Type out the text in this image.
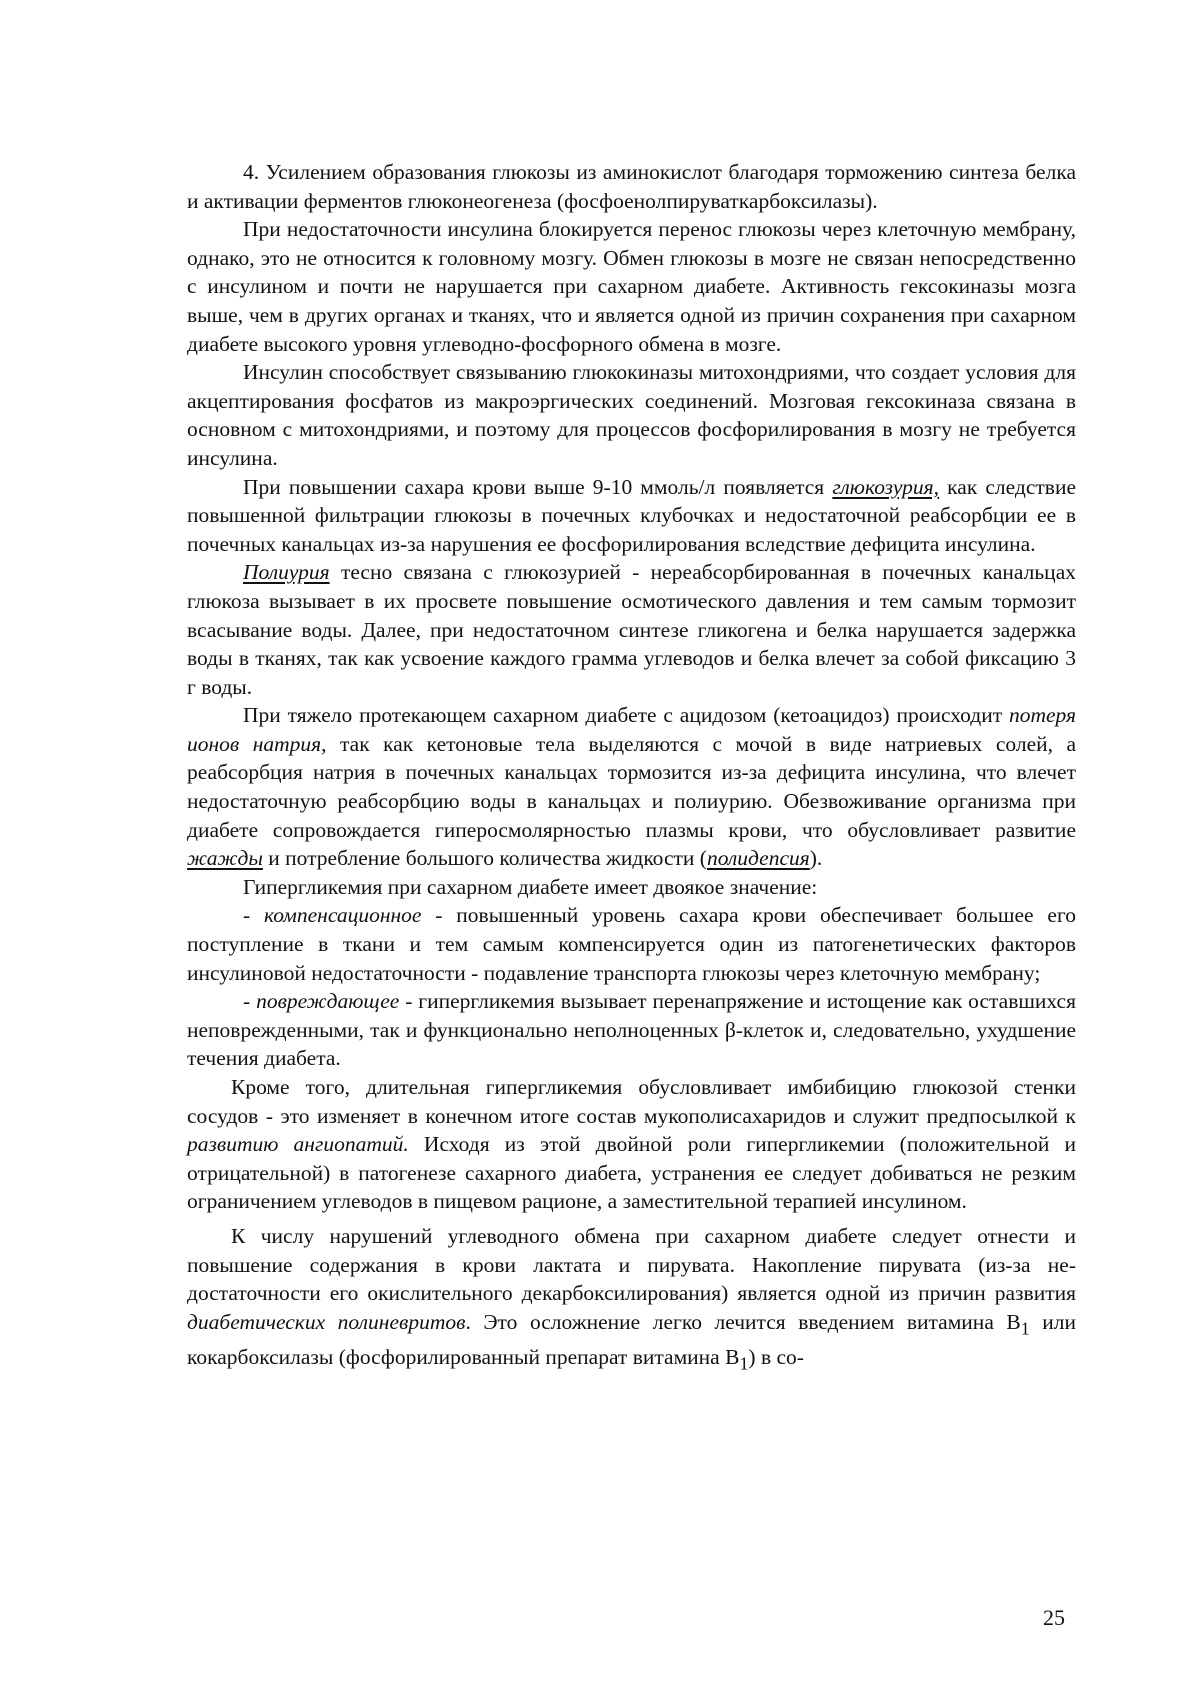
4. Усилением образования глюкозы из аминокислот благодаря торможению синтеза белка и активации ферментов глюконеогенеза (фосфоенолпируваткарбоксилазы).

При недостаточности инсулина блокируется перенос глюкозы через клеточную мембрану, однако, это не относится к головному мозгу. Обмен глюкозы в мозге не связан непосредственно с инсулином и почти не нарушается при сахарном диабете. Активность гексокиназы мозга выше, чем в других органах и тканях, что и является одной из причин сохранения при сахарном диабете высокого уровня углеводно-фосфорного обмена в мозге.

Инсулин способствует связыванию глюкокиназы митохондриями, что создает условия для акцептирования фосфатов из макроэргических соединений. Мозговая гексокиназа связана в основном с митохондриями, и поэтому для процессов фосфорилирования в мозгу не требуется инсулина.

При повышении сахара крови выше 9-10 ммоль/л появляется глюкозурия, как следствие повышенной фильтрации глюкозы в почечных клубочках и недостаточной реабсорбции ее в почечных канальцах из-за нарушения ее фосфорилирования вследствие дефицита инсулина.

Полиурия тесно связана с глюкозурией - нереабсорбированная в почечных канальцах глюкоза вызывает в их просвете повышение осмотического давления и тем самым тормозит всасывание воды. Далее, при недостаточном синтезе гликогена и белка нарушается задержка воды в тканях, так как усвоение каждого грамма углеводов и белка влечет за собой фиксацию 3 г воды.

При тяжело протекающем сахарном диабете с ацидозом (кетоацидоз) происходит потеря ионов натрия, так как кетоновые тела выделяются с мочой в виде натриевых солей, а реабсорбция натрия в почечных канальцах тормозится из-за дефицита инсулина, что влечет недостаточную реабсорбцию воды в канальцах и полиурию. Обезвоживание организма при диабете сопровождается гиперосмолярностью плазмы крови, что обусловливает развитие жажды и потребление большого количества жидкости (полидепсия).

Гипергликемия при сахарном диабете имеет двоякое значение:

- компенсационное - повышенный уровень сахара крови обеспечивает большее его поступление в ткани и тем самым компенсируется один из патогенетических факторов инсулиновой недостаточности - подавление транспорта глюкозы через клеточную мембрану;

- повреждающее - гипергликемия вызывает перенапряжение и истощение как оставшихся неповрежденными, так и функционально неполноценных β-клеток и, следовательно, ухудшение течения диабета.

Кроме того, длительная гипергликемия обусловливает имбибицию глюкозой стенки сосудов - это изменяет в конечном итоге состав мукополисахаридов и служит предпосылкой к развитию ангиопатий. Исходя из этой двойной роли гипергликемии (положительной и отрицательной) в патогенезе сахарного диабета, устранения ее следует добиваться не резким ограничением углеводов в пищевом рационе, а заместительной терапией инсулином.

К числу нарушений углеводного обмена при сахарном диабете следует отнести и повышение содержания в крови лактата и пирувата. Накопление пирувата (из-за недостаточности его окислительного декарбоксилирования) является одной из причин развития диабетических полиневритов. Это осложнение легко лечится введением витамина $B_1$ или кокарбоксилазы (фосфорилированный препарат витамина $B_1$) в со-

25
